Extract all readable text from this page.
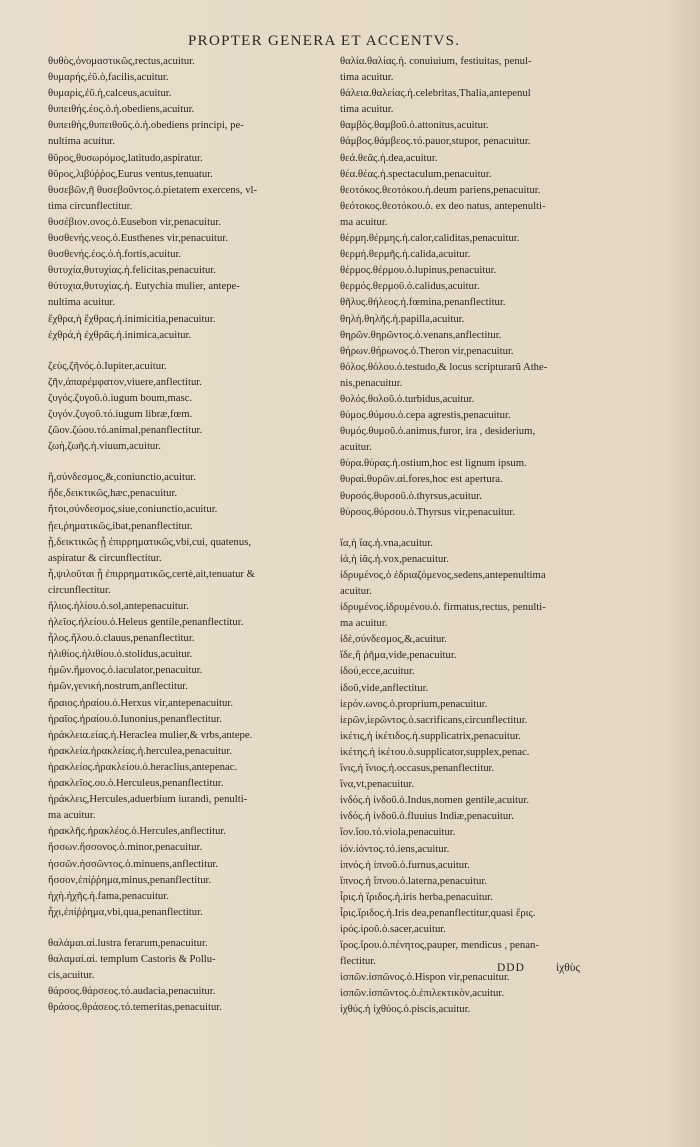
PROPTER GENERA ET ACCENTVS.
θυθὸς,ὀνομαστικῶς,rectus,acuitur.
θυμαρής,ἐῦ.ὁ,facilis,acuitur.
θυμαρὶς,ἐῦ.ἡ,calceus,acuitur.
θυπειθής.έος.ὁ.ἡ.obediens,acuitur.
θυπειθὴς,θυπειθοῦς.ὁ.ἡ.obediens principi, pe-
nultima acuitur.
θῦρος,θυσωρόμος,latitudo,aspiratur.
θῦρος,λιβύῤῥος,Eurus ventus,tenuatur.
θυσεβῶν,ῆ θυσεβοῦντος.ὁ.pietatem exercens, vl-
tima circunflectitur.
θυσέβιον.ονος.ὁ.Eusebon vir,penacuitur.
θυσθενής.νεος.ὁ.Eusthenes vir,penacuitur.
θυσθενής.έος.ὁ.ἡ.fortis,acuitur.
θυτυχία,θυτυχίας.ἡ.felicitas,penacuitur.
θύτυχια,θυτυχίας.ἡ. Eutychia mulier, antepe-
nultima acuitur.
ἔχθρα,ἡ ἔχθρας.ἡ.inimicitia,penacuitur.
ἐχθρά,ἡ ἐχθρᾶς.ἡ.inimica,acuitur.
ζεὺς,ζῆνός.ὁ.Iupiter,acuitur.
ζῆν,ἀπαρέμφατον,viuere,anflectitur.
ζυγός.ζυγοῦ.ὁ.iugum boum,masc.
ζυγόν.ζυγοῦ.τό.iugum libræ,fœm.
ζῶον.ζώου.τό.animal,penanflectitur.
ζωὴ,ζωῆς.ἡ.viuum,acuitur.
ἢ,σύνδεσμος,&,coniunctio,acuitur.
ἥδε,δεικτικῶς,hæc,penacuitur.
ἤτοι,σύνδεσμος,siue,coniunctio,acuitur.
ᾔει,ῥηματικῶς,ibat,penanflectitur.
ᾗ,δεικτικῶς ᾗ ἐπιρρηματικῶς,vbi,cui, quatenus,
aspiratur & circunflectitur.
ἦ,ψιλοῦται ᾗ ἐπιρρηματικῶς,certè,ait,tenuatur &
circunflectitur.
ἥλιος.ἡλίου.ὁ.sol,antepenacuitur.
ἠλεῖος.ἠλείου.ὁ.Heleus gentile,penanflectitur.
ἧλος.ἥλου.ὁ.clauus,penanflectitur.
ἠλιθίος.ἠλιθίου.ὁ.stolidus,acuitur.
ἠμῶν.ἤμονος.ὁ.iaculator,penacuitur.
ἡμῶν,γενική,nostrum,anflectitur.
ἥραιος.ἡραίου.ὁ.Herxus vir,antepenacuitur.
ἡραῖος.ἡραίου.ὁ.Iunonius,penanflectitur.
ἡράκλεια.είας.ἡ.Heraclea mulier,& vrbs,antepe.
ἡρακλεία.ἡρακλείας.ἡ.herculea,penacuitur.
ἡρακλείος.ἡρακλείου.ὁ.heraclius,antepenac.
ἡρακλεῖος.ου.ὁ.Herculeus,penanflectitur.
ἡράκλεις,Hercules,aduerbium iurandi, penulti-
ma acuitur.
ἡρακλῆς.ἡρακλέος.ὁ.Hercules,anflectitur.
ἥσσων.ἥσσονος.ὁ.minor,penacuitur.
ἡσσῶν.ἡσσῶντος.ὁ.minuens,anflectitur.
ἥσσον,ἐπίῤῥημα,minus,penanflectitur.
ἠχὴ.ἠχῆς.ἡ.fama,penacuitur.
ἧχι,ἐπίῤῥημα,vbi,qua,penanflectitur.
θαλάμαι.αἱ.lustra ferarum,penacuitur.
θαλαμαί.αἱ. templum Castoris & Pollu-
cis,acuitur.
θάρσος.θάρσεος.τό.audacia,penacuitur.
θράσος.θράσεος.τό.temeritas,penacuitur.
θαλία.θαλίας.ἡ. conuiuium, festiuitas, penul-
tima acuitur.
θάλεια.θαλείας.ἡ.celebritas,Thalia,antepenul
tima acuitur.
θαμβὸς.θαμβοῦ.ὁ.attonitus,acuitur.
θάμβος.θάμβεος.τό.pauor,stupor, penacuitur.
θεά.θεᾶς.ἡ.dea,acuitur.
θέα.θέας.ἡ.spectaculum,penacuitur.
θεοτόκος.θεοτόκου.ἡ.deum pariens,penacuitur.
θεότοκος.θεοτόκου.ὁ. ex deo natus, antepenulti-
ma acuitur.
θέρμη.θέρμης.ἡ.calor,caliditas,penacuitur.
θερμή.θερμῆς.ἡ.calida,acuitur.
θέρμος.θέρμου.ὁ.lupinus,penacuitur.
θερμός.θερμοῦ.ὁ.calidus,acuitur.
θῆλυς.θήλεος.ἡ.fœmina,penanflectitur.
θηλὴ.θηλῆς.ἡ.papilla,acuitur.
θηρῶν.θηρῶντος.ὁ.venans,anflectitur.
θήρων.θήρωνος.ὁ.Theron vir,penacuitur.
θόλος.θόλου.ὁ.testudo,& locus scripturarũ Athe-
nis,penacuitur.
θολός.θολοῦ.ὁ.turbidus,acuitur.
θύμος.θύμου.ὁ.cepa agrestis,penacuitur.
θυμός.θυμοῦ.ὁ.animus,furor, ira , desiderium,
acuitur.
θύρα.θύρας.ἡ.ostium,hoc est lignum ipsum.
θυραὶ.θυρῶν.αἱ.fores,hoc est apertura.
θυρσός.θυρσοῦ.ὁ.thyrsus,acuitur.
θύρσος.θύρσου.ὁ.Thyrsus vir,penacuitur.
ἴα,ἡ ἴας.ἡ.vna,acuitur.
ἰά,ἡ ἰᾶς.ἡ.vox,penacuitur.
ἰδρυμένος,ὁ ἐδριαζόμενος,sedens,antepenultima
acuitur.
ἱδρυμένος.ἱδρυμένου.ὁ. firmatus,rectus, penulti-
ma acuitur.
ἰδὲ,σύνδεσμος,&,acuitur.
ἴδε,ἢ ῥῆμα,vide,penacuitur.
ἰδού,ecce,acuitur.
ἰδοῦ,vide,anflectitur.
ἱερόν.ωνος.ὁ.proprium,penacuitur.
ἱερῶν,ἱερῶντος.ὁ.sacrificans,circunflectitur.
ἱκέτις,ἡ ἱκέτιδος.ἡ.supplicatrix,penacuitur.
ἱκέτης.ἡ ἱκέτου.ὁ.supplicator,supplex,penac.
ἴνις,ἡ ἴνιος.ἡ.occasus,penanflectitur.
ἵνα,vt,penacuitur.
ἰνδός.ἡ ἰνδοῦ.ὁ.Indus,nomen gentile,acuitur.
ἰνδός.ἡ ἰνδοῦ.ὁ.fluuius Indiæ,penacuitur.
ἴον.ἴου.τό.viola,penacuitur.
ἰόν.ἰόντος.τό.iens,acuitur.
ἰπνός.ἡ ἰπνοῦ.ὁ.furnus,acuitur.
ἴπνος.ἡ ἴπνου.ὁ.laterna,penacuitur.
ἶρις.ἡ ἴριδος.ἡ.iris herba,penacuitur.
ἶρις.ἴριδος.ἡ.Iris dea,penanflectitur,quasi ἔρις.
ἱρός.ἱροῦ.ὁ.sacer,acuitur.
ἴρος.ἴρου.ὁ.πένητος,pauper, mendicus , penan-
flectitur.
ἰσπῶν.ἰσπῶνος.ὁ.Hispon vir,penacuitur.
ἰσπῶν.ἰσπῶντος.ὁ.ἐπιλεκτικὸν,acuitur.
ἰχθύς.ἡ ἰχθύος.ὁ.piscis,acuitur.
DDD	ἰχθὺς
